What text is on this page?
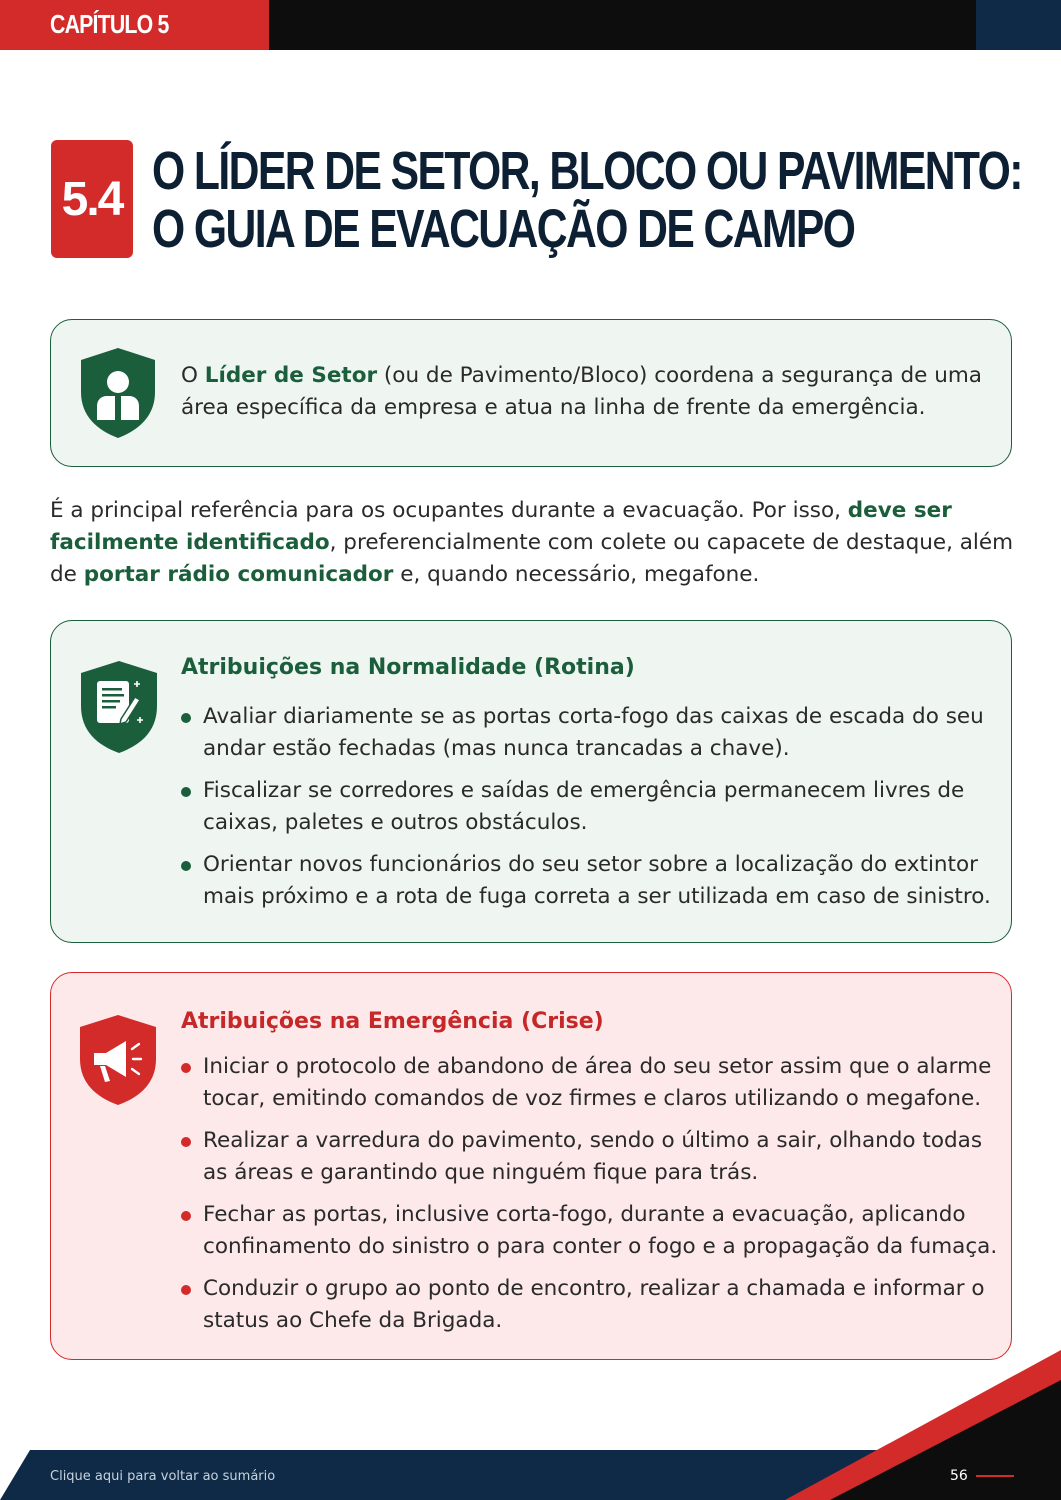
CAPÍTULO 5
5.4 O LÍDER DE SETOR, BLOCO OU PAVIMENTO:
O GUIA DE EVACUAÇÃO DE CAMPO

O Líder de Setor (ou de Pavimento/Bloco) coordena a segurança de uma área específica da empresa e atua na linha de frente da emergência.

É a principal referência para os ocupantes durante a evacuação. Por isso, deve ser facilmente identificado, preferencialmente com colete ou capacete de destaque, além de portar rádio comunicador e, quando necessário, megafone.

Atribuições na Normalidade (Rotina)
Avaliar diariamente se as portas corta-fogo das caixas de escada do seu andar estão fechadas (mas nunca trancadas a chave).
Fiscalizar se corredores e saídas de emergência permanecem livres de caixas, paletes e outros obstáculos.
Orientar novos funcionários do seu setor sobre a localização do extintor mais próximo e a rota de fuga correta a ser utilizada em caso de sinistro.
Atribuições na Emergência (Crise)
Iniciar o protocolo de abandono de área do seu setor assim que o alarme tocar, emitindo comandos de voz firmes e claros utilizando o megafone.
Realizar a varredura do pavimento, sendo o último a sair, olhando todas as áreas e garantindo que ninguém fique para trás.
Fechar as portas, inclusive corta-fogo, durante a evacuação, aplicando confinamento do sinistro o para conter o fogo e a propagação da fumaça.
Conduzir o grupo ao ponto de encontro, realizar a chamada e informar o status ao Chefe da Brigada.
Clique aqui para voltar ao sumário	56
